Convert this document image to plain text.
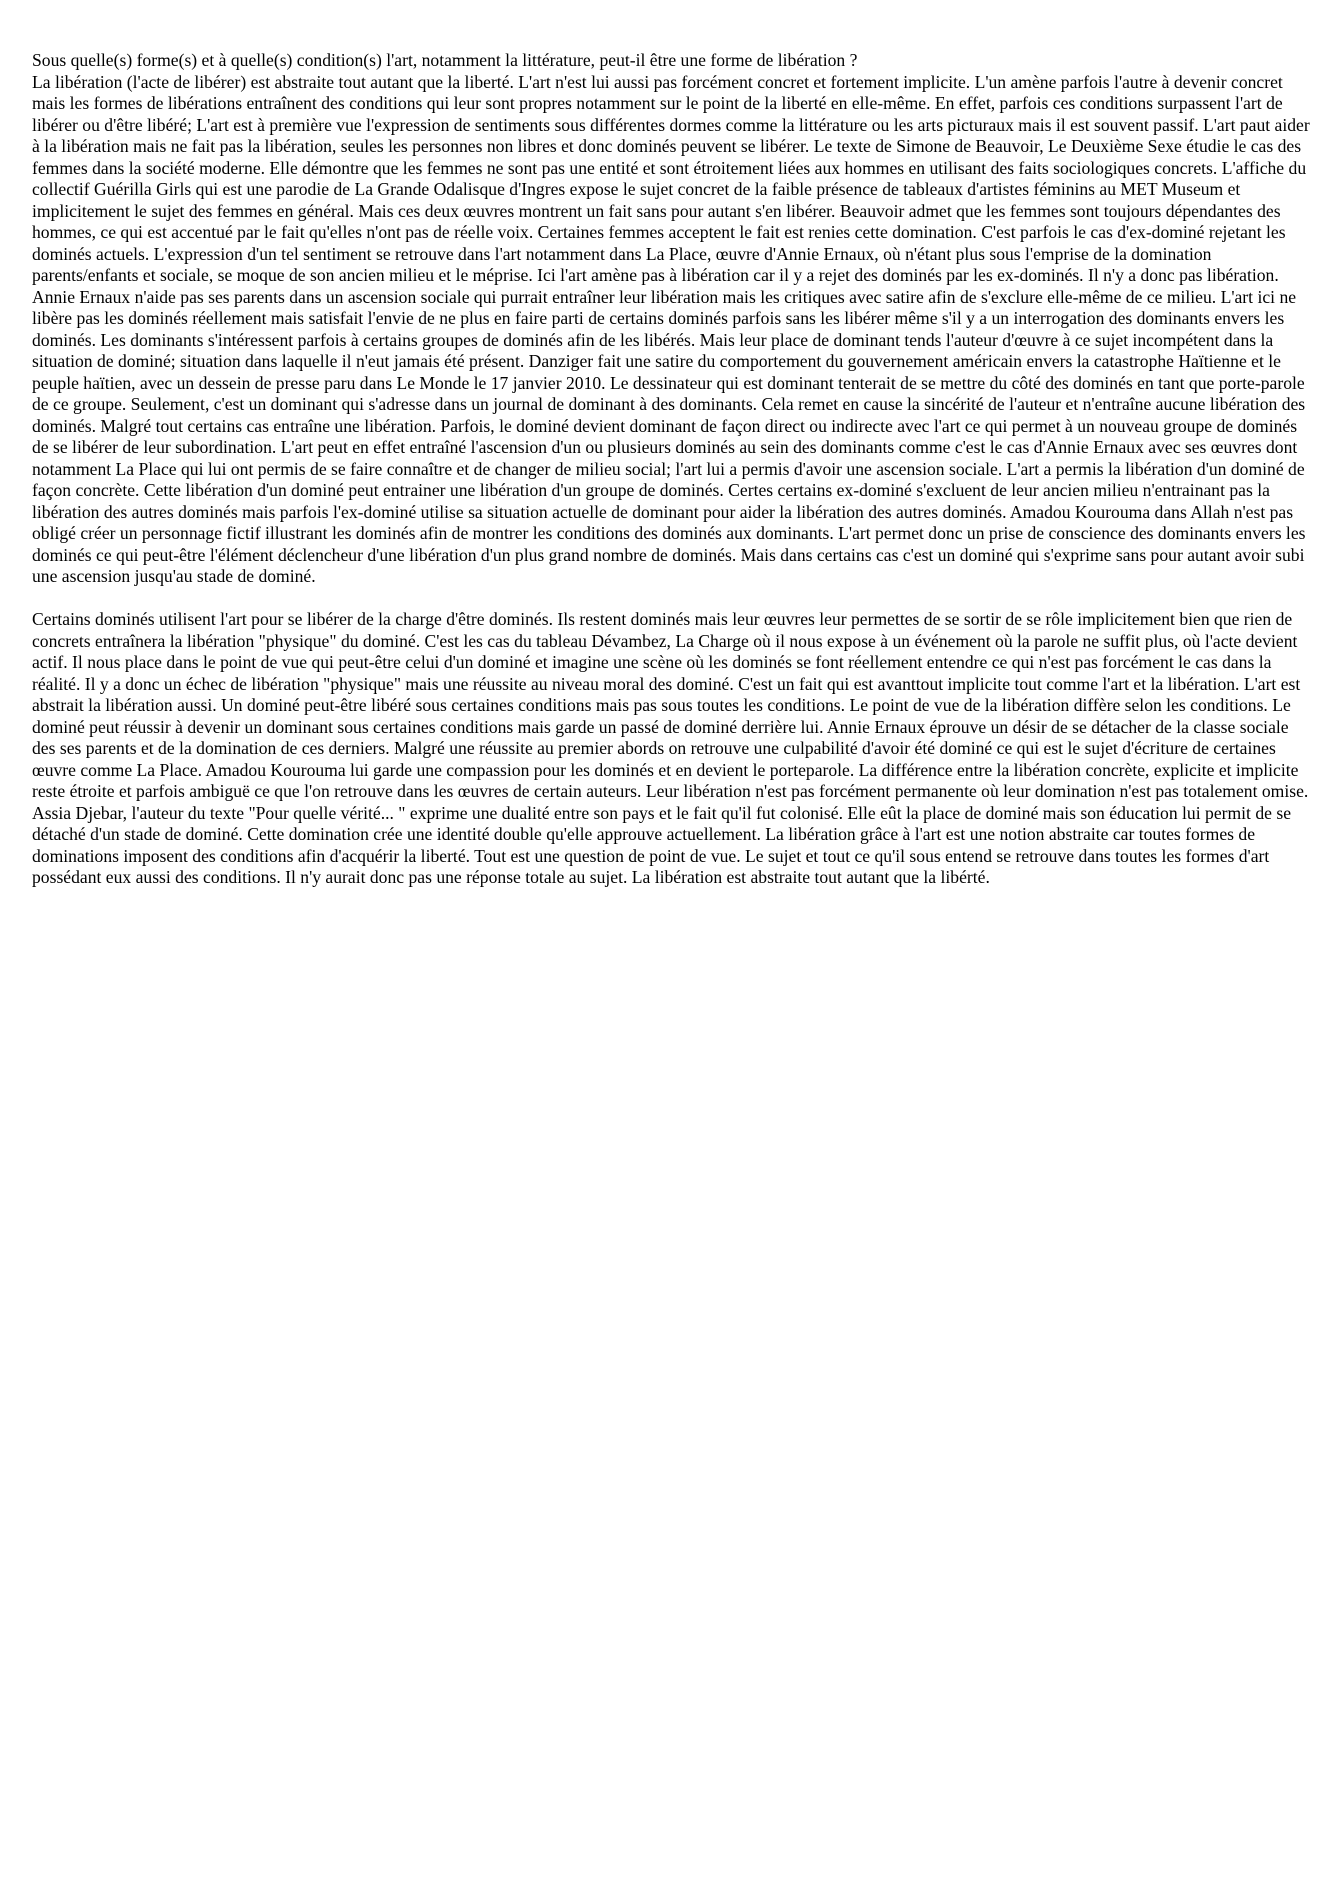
Sous quelle(s) forme(s) et à quelle(s) condition(s) l'art, notamment la littérature, peut-il être une forme de libération ?

La libération (l'acte de libérer) est abstraite tout autant que la liberté. L'art n'est lui aussi pas forcément concret et fortement implicite. L'un amène parfois l'autre à devenir concret mais les formes de libérations entraînent des conditions qui leur sont propres notamment sur le point de la liberté en elle-même. En effet, parfois ces conditions surpassent l'art de libérer ou d'être libéré; L'art est à première vue l'expression de sentiments sous différentes dormes comme la littérature ou les arts picturaux mais il est souvent passif. L'art paut aider à la libération mais ne fait pas la libération, seules les personnes non libres et donc dominés peuvent se libérer. Le texte de Simone de Beauvoir, Le Deuxième Sexe étudie le cas des femmes dans la société moderne. Elle démontre que les femmes ne sont pas une entité et sont étroitement liées aux hommes en utilisant des faits sociologiques concrets. L'affiche du collectif Guérilla Girls qui est une parodie de La Grande Odalisque d'Ingres expose le sujet concret de la faible présence de tableaux d'artistes féminins au MET Museum et implicitement le sujet des femmes en général. Mais ces deux œuvres montrent un fait sans pour autant s'en libérer. Beauvoir admet que les femmes sont toujours dépendantes des hommes, ce qui est accentué par le fait qu'elles n'ont pas de réelle voix. Certaines femmes acceptent le fait est renies cette domination. C'est parfois le cas d'ex-dominé rejetant les dominés actuels. L'expression d'un tel sentiment se retrouve dans l'art notamment dans La Place, œuvre d'Annie Ernaux, où n'étant plus sous l'emprise de la domination parents/enfants et sociale, se moque de son ancien milieu et le méprise. Ici l'art amène pas à libération car il y a rejet des dominés par les ex-dominés. Il n'y a donc pas libération. Annie Ernaux n'aide pas ses parents dans un ascension sociale qui purrait entraîner leur libération mais les critiques avec satire afin de s'exclure elle-même de ce milieu. L'art ici ne libère pas les dominés réellement mais satisfait l'envie de ne plus en faire parti de certains dominés parfois sans les libérer même s'il y a un interrogation des dominants envers les dominés. Les dominants s'intéressent parfois à certains groupes de dominés afin de les libérés. Mais leur place de dominant tends l'auteur d'œuvre à ce sujet incompétent dans la situation de dominé; situation dans laquelle il n'eut jamais été présent. Danziger fait une satire du comportement du gouvernement américain envers la catastrophe Haïtienne et le peuple haïtien, avec un dessein de presse paru dans Le Monde le 17 janvier 2010. Le dessinateur qui est dominant tenterait de se mettre du côté des dominés en tant que porte-parole de ce groupe. Seulement, c'est un dominant qui s'adresse dans un journal de dominant à des dominants. Cela remet en cause la sincérité de l'auteur et n'entraîne aucune libération des dominés. Malgré tout certains cas entraîne une libération. Parfois, le dominé devient dominant de façon direct ou indirecte avec l'art ce qui permet à un nouveau groupe de dominés de se libérer de leur subordination. L'art peut en effet entraîné l'ascension d'un ou plusieurs dominés au sein des dominants comme c'est le cas d'Annie Ernaux avec ses œuvres dont notamment La Place qui lui ont permis de se faire connaître et de changer de milieu social; l'art lui a permis d'avoir une ascension sociale. L'art a permis la libération d'un dominé de façon concrète. Cette libération d'un dominé peut entrainer une libération d'un groupe de dominés. Certes certains ex-dominé s'excluent de leur ancien milieu n'entrainant pas la libération des autres dominés mais parfois l'ex-dominé utilise sa situation actuelle de dominant pour aider la libération des autres dominés. Amadou Kourouma dans Allah n'est pas obligé créer un personnage fictif illustrant les dominés afin de montrer les conditions des dominés aux dominants. L'art permet donc un prise de conscience des dominants envers les dominés ce qui peut-être l'élément déclencheur d'une libération d'un plus grand nombre de dominés. Mais dans certains cas c'est un dominé qui s'exprime sans pour autant avoir subi une ascension jusqu'au stade de dominé.

Certains dominés utilisent l'art pour se libérer de la charge d'être dominés. Ils restent dominés mais leur œuvres leur permettes de se sortir de se rôle implicitement bien que rien de concrets entraînera la libération "physique" du dominé. C'est les cas du tableau Dévambez, La Charge où il nous expose à un événement où la parole ne suffit plus, où l'acte devient actif. Il nous place dans le point de vue qui peut-être celui d'un dominé et imagine une scène où les dominés se font réellement entendre ce qui n'est pas forcément le cas dans la réalité. Il y a donc un échec de libération "physique" mais une réussite au niveau moral des dominé. C'est un fait qui est avanttout implicite tout comme l'art et la libération. L'art est abstrait la libération aussi. Un dominé peut-être libéré sous certaines conditions mais pas sous toutes les conditions. Le point de vue de la libération diffère selon les conditions. Le dominé peut réussir à devenir un dominant sous certaines conditions mais garde un passé de dominé derrière lui. Annie Ernaux éprouve un désir de se détacher de la classe sociale des ses parents et de la domination de ces derniers. Malgré une réussite au premier abords on retrouve une culpabilité d'avoir été dominé ce qui est le sujet d'écriture de certaines œuvre comme La Place. Amadou Kourouma lui garde une compassion pour les dominés et en devient le porteparole. La différence entre la libération concrète, explicite et implicite reste étroite et parfois ambiguë ce que l'on retrouve dans les œuvres de certain auteurs. Leur libération n'est pas forcément permanente où leur domination n'est pas totalement omise. Assia Djebar, l'auteur du texte "Pour quelle vérité... " exprime une dualité entre son pays et le fait qu'il fut colonisé. Elle eût la place de dominé mais son éducation lui permit de se détaché d'un stade de dominé. Cette domination crée une identité double qu'elle approuve actuellement. La libération grâce à l'art est une notion abstraite car toutes formes de dominations imposent des conditions afin d'acquérir la liberté. Tout est une question de point de vue. Le sujet et tout ce qu'il sous entend se retrouve dans toutes les formes d'art possédant eux aussi des conditions. Il n'y aurait donc pas une réponse totale au sujet. La libération est abstraite tout autant que la libérté.
